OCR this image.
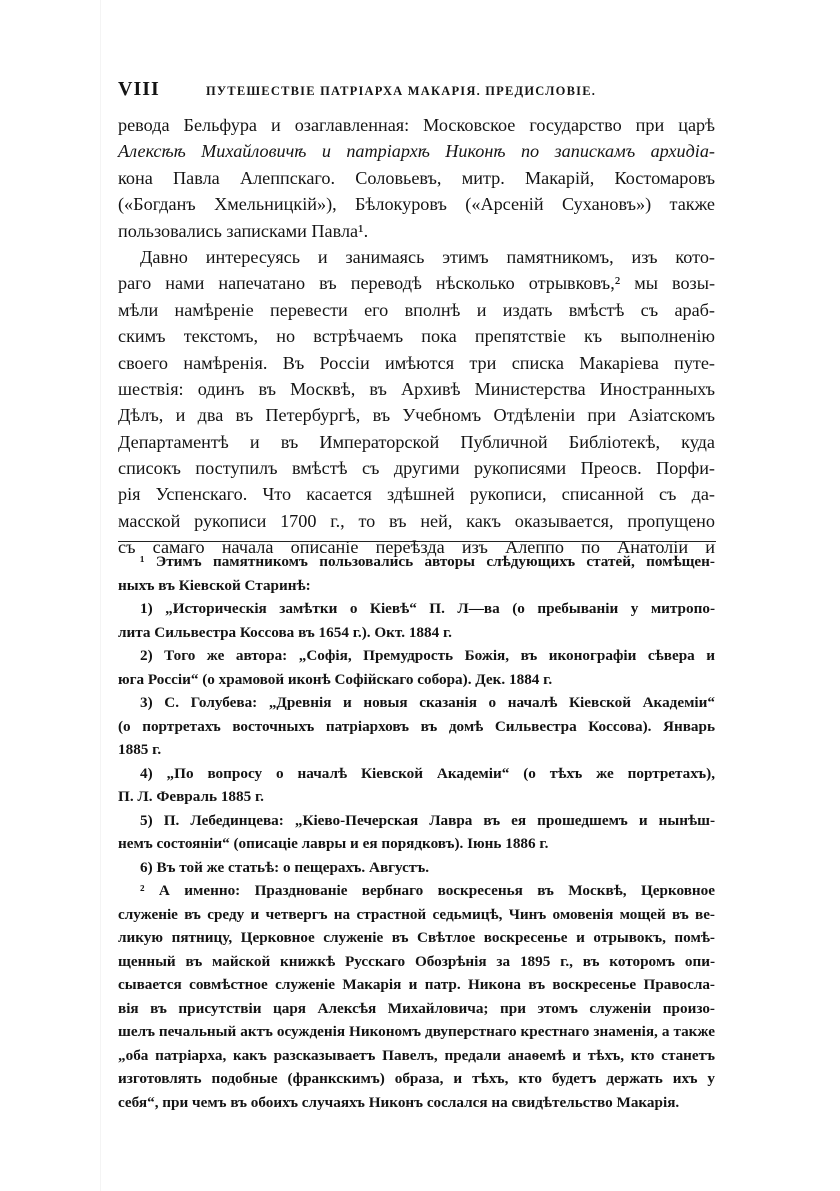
VIII	ПУТЕШЕСТВІЕ ПАТРІАРХА МАКАРІЯ. ПРЕДИСЛОВІЕ.
ревода Бельфура и озаглавленная: Московское государство при царѣ
Алексѣѣ Михайловичѣ и патріархѣ Никонѣ по запискамъ архидіа-
кона Павла Алеппскаго. Соловьевъ, митр. Макарій, Костомаровъ
(«Богданъ Хмельницкій»), Бѣлокуровъ («Арсеній Сухановъ») также
пользовались записками Павла¹.
Давно интересуясь и занимаясь этимъ памятникомъ, изъ кото-
раго нами напечатано въ переводѣ нѣсколько отрывковъ,² мы возы-
мѣли намѣреніе перевести его вполнѣ и издать вмѣстѣ съ араб-
скимъ текстомъ, но встрѣчаемъ пока препятствіе къ выполненію
своего намѣренія. Въ Россіи имѣются три списка Макаріева путе-
шествія: одинъ въ Москвѣ, въ Архивѣ Министерства Иностранныхъ
Дѣлъ, и два въ Петербургѣ, въ Учебномъ Отдѣленіи при Азіатскомъ
Департаментѣ и въ Императорской Публичной Библіотекѣ, куда
списокъ поступилъ вмѣстѣ съ другими рукописями Преосв. Порфи-
рія Успенскаго. Что касается здѣшней рукописи, списанной съ да-
масской рукописи 1700 г., то въ ней, какъ оказывается, пропущено
съ самаго начала описаніе переѣзда изъ Алеппо по Анатоліи и
¹ Этимъ памятникомъ пользовались авторы слѣдующихъ статей, помѣщен-
ныхъ въ Кіевской Старинѣ:
1) „Историческія замѣтки о Кіевѣ“ П. Л—ва (о пребываніи у митропо-
лита Сильвестра Коссова въ 1654 г.). Окт. 1884 г.
2) Того же автора: „Софія, Премудрость Божія, въ иконографіи сѣвера и
юга Россіи“ (о храмовой иконѣ Софійскаго собора). Дек. 1884 г.
3) С. Голубева: „Древнія и новыя сказанія о началѣ Кіевской Академіи“
(о портретахъ восточныхъ патріарховъ въ домѣ Сильвестра Коссова). Январь
1885 г.
4) „По вопросу о началѣ Кіевской Академіи“ (о тѣхъ же портретахъ),
П. Л. Февраль 1885 г.
5) П. Лебединцева: „Кіево-Печерская Лавра въ ея прошедшемъ и нынѣш-
немъ состояніи“ (описаціе лавры и ея порядковъ). Іюнь 1886 г.
6) Въ той же статьѣ: о пещерахъ. Августъ.
² А именно: Празднованіе вербнаго воскресенья въ Москвѣ, Церковное
служеніе въ среду и четвергъ на страстной седьмицѣ, Чинъ омовенія мощей въ ве-
ликую пятницу, Церковное служеніе въ Свѣтлое воскресенье и отрывокъ, помѣ-
щенный въ майской книжкѣ Русскаго Обозрѣнія за 1895 г., въ которомъ опи-
сывается совмѣстное служеніе Макарія и патр. Никона въ воскресенье Правосла-
вія въ присутствіи царя Алексѣя Михайловича; при этомъ служеніи произо-
шелъ печальный актъ осужденія Никономъ двуперстнаго крестнаго знаменія, а также
„оба патріарха, какъ разсказываетъ Павелъ, предали анаѳемѣ и тѣхъ, кто станетъ
изготовлять подобные (франкскимъ) образа, и тѣхъ, кто будетъ держать ихъ у
себя“, при чемъ въ обоихъ случаяхъ Никонъ сослался на свидѣтельство Макарія.
